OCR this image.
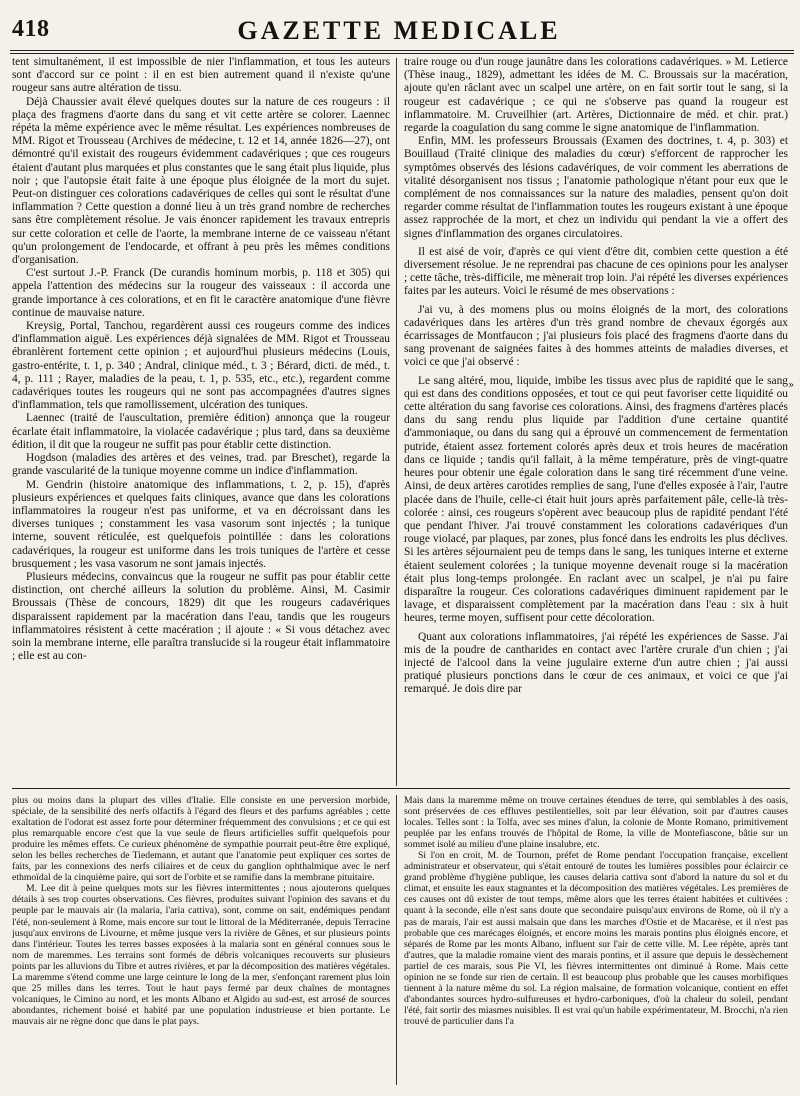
418	GAZETTE MEDICALE

tent simultanément, il est impossible de nier l'inflammation, et tous les auteurs sont d'accord sur ce point : il en est bien autrement quand il n'existe qu'une rougeur sans autre altération de tissu.

Déjà Chaussier avait élevé quelques doutes sur la nature de ces rougeurs : il plaça des fragmens d'aorte dans du sang et vit cette artère se colorer. Laennec répéta la même expérience avec le même résultat. Les expériences nombreuses de MM. Rigot et Trousseau (Archives de médecine, t. 12 et 14, année 1826—27), ont démontré qu'il existait des rougeurs évidemment cadavériques ; que ces rougeurs étaient d'autant plus marquées et plus constantes que le sang était plus liquide, plus noir ; que l'autopsie était faite à une époque plus éloignée de la mort du sujet. Peut-on distinguer ces colorations cadavériques de celles qui sont le résultat d'une inflammation ? Cette question a donné lieu à un très grand nombre de recherches sans être complètement résolue. Je vais énoncer rapidement les travaux entrepris sur cette coloration et celle de l'aorte, la membrane interne de ce vaisseau n'étant qu'un prolongement de l'endocarde, et offrant à peu près les mêmes conditions d'organisation.

C'est surtout J.-P. Franck (De curandis hominum morbis, p. 118 et 305) qui appela l'attention des médecins sur la rougeur des vaisseaux : il accorda une grande importance à ces colorations, et en fit le caractère anatomique d'une fièvre continue de mauvaise nature.

Kreysig, Portal, Tanchou, regardèrent aussi ces rougeurs comme des indices d'inflammation aiguë. Les expériences déjà signalées de MM. Rigot et Trousseau ébranlèrent fortement cette opinion ; et aujourd'hui plusieurs médecins (Louis, gastro-entérite, t. 1, p. 340 ; Andral, clinique méd., t. 3 ; Bérard, dicti. de méd., t. 4, p. 111 ; Rayer, maladies de la peau, t. 1, p. 535, etc., etc.), regardent comme cadavériques toutes les rougeurs qui ne sont pas accompagnées d'autres signes d'inflammation, tels que ramollissement, ulcération des tuniques.

Laennec (traité de l'auscultation, première édition) annonça que la rougeur écarlate était inflammatoire, la violacée cadavérique ; plus tard, dans sa deuxième édition, il dit que la rougeur ne suffit pas pour établir cette distinction.

Hogdson (maladies des artères et des veines, trad. par Breschet), regarde la grande vascularité de la tunique moyenne comme un indice d'inflammation.

M. Gendrin (histoire anatomique des inflammations, t. 2, p. 15), d'après plusieurs expériences et quelques faits cliniques, avance que dans les colorations inflammatoires la rougeur n'est pas uniforme, et va en décroissant dans les diverses tuniques ; constamment les vasa vasorum sont injectés ; la tunique interne, souvent réticulée, est quelquefois pointillée : dans les colorations cadavériques, la rougeur est uniforme dans les trois tuniques de l'artère et cesse brusquement ; les vasa vasorum ne sont jamais injectés.

Plusieurs médecins, convaincus que la rougeur ne suffit pas pour établir cette distinction, ont cherché ailleurs la solution du problème. Ainsi, M. Casimir Broussais (Thèse de concours, 1829) dit que les rougeurs cadavériques disparaissent rapidement par la macération dans l'eau, tandis que les rougeurs inflammatoires résistent à cette macération ; il ajoute : « Si vous détachez avec soin la membrane interne, elle paraîtra translucide si la rougeur était inflammatoire ; elle est au con-

traire rouge ou d'un rouge jaunâtre dans les colorations cadavériques. » M. Letierce (Thèse inaug., 1829), admettant les idées de M. C. Broussais sur la macération, ajoute qu'en râclant avec un scalpel une artère, on en fait sortir tout le sang, si la rougeur est cadavérique ; ce qui ne s'observe pas quand la rougeur est inflammatoire. M. Cruveilhier (art. Artères, Dictionnaire de méd. et chir. prat.) regarde la coagulation du sang comme le signe anatomique de l'inflammation.

Enfin, MM. les professeurs Broussais (Examen des doctrines, t. 4, p. 303) et Bouillaud (Traité clinique des maladies du cœur) s'efforcent de rapprocher les symptômes observés des lésions cadavériques, de voir comment les aberrations de vitalité désorganisent nos tissus ; l'anatomie pathologique n'étant pour eux que le complément de nos connaissances sur la nature des maladies, pensent qu'on doit regarder comme résultat de l'inflammation toutes les rougeurs existant à une époque assez rapprochée de la mort, et chez un individu qui pendant la vie a offert des signes d'inflammation des organes circulatoires.

Il est aisé de voir, d'après ce qui vient d'être dit, combien cette question a été diversement résolue. Je ne reprendrai pas chacune de ces opinions pour les analyser ; cette tâche, très-difficile, me mènerait trop loin. J'ai répété les diverses expériences faites par les auteurs. Voici le résumé de mes observations :

J'ai vu, à des momens plus ou moins éloignés de la mort, des colorations cadavériques dans les artères d'un très grand nombre de chevaux égorgés aux écarrissages de Montfaucon ; j'ai plusieurs fois placé des fragmens d'aorte dans du sang provenant de saignées faites à des hommes atteints de maladies diverses, et voici ce que j'ai observé :

Le sang altéré, mou, liquide, imbibe les tissus avec plus de rapidité que le sang qui est dans des conditions opposées, et tout ce qui peut favoriser cette liquidité ou cette altération du sang favorise ces colorations. Ainsi, des fragmens d'artères placés dans du sang rendu plus liquide par l'addition d'une certaine quantité d'ammoniaque, ou dans du sang qui a éprouvé un commencement de fermentation putride, étaient assez fortement colorés après deux et trois heures de macération dans ce liquide ; tandis qu'il fallait, à la même température, près de vingt-quatre heures pour obtenir une égale coloration dans le sang tiré récemment d'une veine. Ainsi, de deux artères carotides remplies de sang, l'une d'elles exposée à l'air, l'autre placée dans de l'huile, celle-ci était huit jours après parfaitement pâle, celle-là très-colorée : ainsi, ces rougeurs s'opèrent avec beaucoup plus de rapidité pendant l'été que pendant l'hiver. J'ai trouvé constamment les colorations cadavériques d'un rouge violacé, par plaques, par zones, plus foncé dans les endroits les plus déclives. Si les artères séjournaient peu de temps dans le sang, les tuniques interne et externe étaient seulement colorées ; la tunique moyenne devenait rouge si la macération était plus long-temps prolongée. En raclant avec un scalpel, je n'ai pu faire disparaître la rougeur. Ces colorations cadavériques diminuent rapidement par le lavage, et disparaissent complètement par la macération dans l'eau : six à huit heures, terme moyen, suffisent pour cette décoloration.

Quant aux colorations inflammatoires, j'ai répété les expériences de Sasse. J'ai mis de la poudre de cantharides en contact avec l'artère crurale d'un chien ; j'ai injecté de l'alcool dans la veine jugulaire externe d'un autre chien ; j'ai aussi pratiqué plusieurs ponctions dans le cœur de ces animaux, et voici ce que j'ai remarqué. Je dois dire par

plus ou moins dans la plupart des villes d'Italie. Elle consiste en une perversion morbide, spéciale, de la sensibilité des nerfs olfactifs à l'égard des fleurs et des parfums agréables ; cette exaltation de l'odorat est assez forte pour déterminer fréquemment des convulsions ; et ce qui est plus remarquable encore c'est que la vue seule de fleurs artificielles suffit quelquefois pour produire les mêmes effets. Ce curieux phénomène de sympathie pourrait peut-être être expliqué, selon les belles recherches de Tiedemann, et autant que l'anatomie peut expliquer ces sortes de faits, par les connexions des nerfs ciliaires et de ceux du ganglion ophthalmique avec le nerf ethmoïdal de la cinquième paire, qui sort de l'orbite et se ramifie dans la membrane pituitaire.

M. Lee dit à peine quelques mots sur les fièvres intermittentes ; nous ajouterons quelques détails à ses trop courtes observations. Ces fièvres, produites suivant l'opinion des savans et du peuple par le mauvais air (la malaria, l'aria cattiva), sont, comme on sait, endémiques pendant l'été, non-seulement à Rome, mais encore sur tout le littoral de la Méditerranée, depuis Terracine jusqu'aux environs de Livourne, et même jusque vers la rivière de Gênes, et sur plusieurs points dans l'intérieur. Toutes les terres basses exposées à la malaria sont en général connues sous le nom de maremmes. Les terrains sont formés de débris volcaniques recouverts sur plusieurs points par les alluvions du Tibre et autres rivières, et par la décomposition des matières végétales. La maremme s'étend comme une large ceinture le long de la mer, s'enfonçant rarement plus loin que 25 milles dans les terres. Tout le haut pays fermé par deux chaînes de montagnes volcaniques, le Cimino au nord, et les monts Albano et Algido au sud-est, est arrosé de sources abondantes, richement boisé et habité par une population industrieuse et bien portante. Le mauvais air ne règne donc que dans le plat pays.

Mais dans la maremme même on trouve certaines étendues de terre, qui semblables à des oasis, sont préservées de ces effluves pestilentielles, soit par leur élévation, soit par d'autres causes locales. Telles sont : la Tolfa, avec ses mines d'alun, la colonie de Monte Romano, primitivement peuplée par les enfans trouvés de l'hôpital de Rome, la ville de Montefiascone, bâtie sur un sommet isolé au milieu d'une plaine insalubre, etc.

Si l'on en croit, M. de Tournon, préfet de Rome pendant l'occupation française, excellent administrateur et observateur, qui s'était entouré de toutes les lumières possibles pour éclaircir ce grand problème d'hygiène publique, les causes delaria cattiva sont d'abord la nature du sol et du climat, et ensuite les eaux stagnantes et la décomposition des matières végétales. Les premières de ces causes ont dû exister de tout temps, même alors que les terres étaient habitées et cultivées : quant à la seconde, elle n'est sans doute que secondaire puisqu'aux environs de Rome, où il n'y a pas de marais, l'air est aussi malsain que dans les marches d'Ostie et de Macarèse, et il n'est pas probable que ces marécages éloignés, et encore moins les marais pontins plus éloignés encore, et séparés de Rome par les monts Albano, influent sur l'air de cette ville. M. Lee répète, après tant d'autres, que la maladie romaine vient des marais pontins, et il assure que depuis le dessèchement partiel de ces marais, sous Pie VI, les fièvres intermittentes ont diminué à Rome. Mais cette opinion ne se fonde sur rien de certain. Il est beaucoup plus probable que les causes morbifiques tiennent à la nature même du sol. La région malsaine, de formation volcanique, contient en effet d'abondantes sources hydro-sulfureuses et hydro-carboniques, d'où la chaleur du soleil, pendant l'été, fait sortir des miasmes nuisibles. Il est vrai qu'un habile expérimentateur, M. Brocchi, n'a rien trouvé de particulier dans l'a

»
